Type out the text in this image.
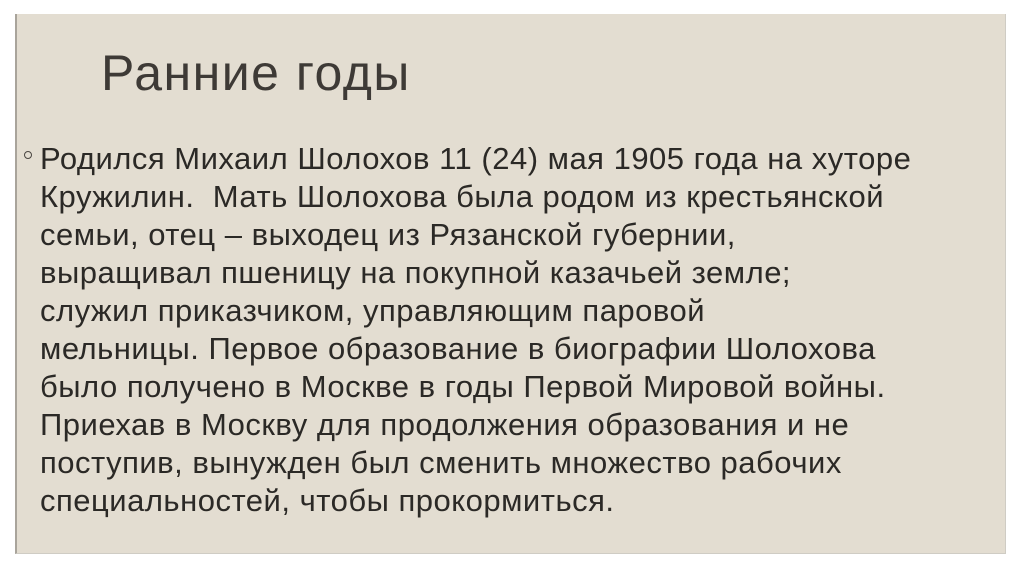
Ранние годы
Родился Михаил Шолохов 11 (24) мая 1905 года на хуторе
Кружилин.  Мать Шолохова была родом из крестьянской
семьи, отец – выходец из Рязанской губернии,
выращивал пшеницу на покупной казачьей земле;
служил приказчиком, управляющим паровой
мельницы. Первое образование в биографии Шолохова
было получено в Москве в годы Первой Мировой войны.
Приехав в Москву для продолжения образования и не
поступив, вынужден был сменить множество рабочих
специальностей, чтобы прокормиться.
